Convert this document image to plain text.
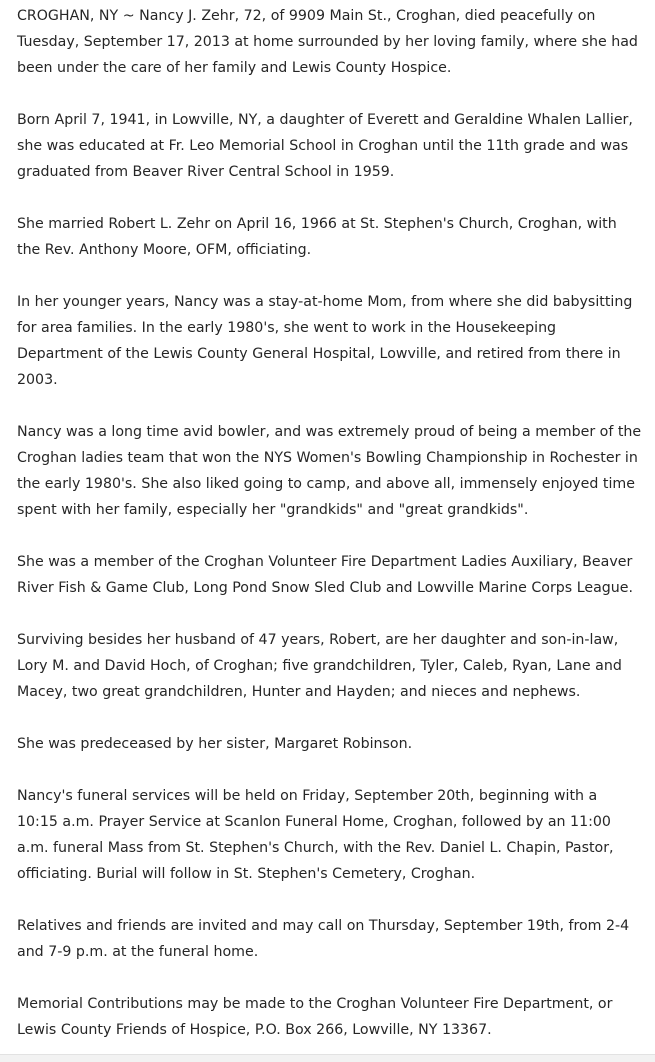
CROGHAN, NY ~ Nancy J. Zehr, 72, of 9909 Main St., Croghan, died peacefully on
Tuesday, September 17, 2013 at home surrounded by her loving family, where she had
been under the care of her family and Lewis County Hospice.

Born April 7, 1941, in Lowville, NY, a daughter of Everett and Geraldine Whalen Lallier,
she was educated at Fr. Leo Memorial School in Croghan until the 11th grade and was
graduated from Beaver River Central School in 1959.

She married Robert L. Zehr on April 16, 1966 at St. Stephen's Church, Croghan, with
the Rev. Anthony Moore, OFM, officiating.

In her younger years, Nancy was a stay-at-home Mom, from where she did babysitting
for area families. In the early 1980's, she went to work in the Housekeeping
Department of the Lewis County General Hospital, Lowville, and retired from there in
2003.

Nancy was a long time avid bowler, and was extremely proud of being a member of the
Croghan ladies team that won the NYS Women's Bowling Championship in Rochester in
the early 1980's. She also liked going to camp, and above all, immensely enjoyed time
spent with her family, especially her "grandkids" and "great grandkids".

She was a member of the Croghan Volunteer Fire Department Ladies Auxiliary, Beaver
River Fish & Game Club, Long Pond Snow Sled Club and Lowville Marine Corps League.

Surviving besides her husband of 47 years, Robert, are her daughter and son-in-law,
Lory M. and David Hoch, of Croghan; five grandchildren, Tyler, Caleb, Ryan, Lane and
Macey, two great grandchildren, Hunter and Hayden; and nieces and nephews.

She was predeceased by her sister, Margaret Robinson.

Nancy's funeral services will be held on Friday, September 20th, beginning with a
10:15 a.m. Prayer Service at Scanlon Funeral Home, Croghan, followed by an 11:00
a.m. funeral Mass from St. Stephen's Church, with the Rev. Daniel L. Chapin, Pastor,
officiating. Burial will follow in St. Stephen's Cemetery, Croghan.

Relatives and friends are invited and may call on Thursday, September 19th, from 2-4
and 7-9 p.m. at the funeral home.

Memorial Contributions may be made to the Croghan Volunteer Fire Department, or
Lewis County Friends of Hospice, P.O. Box 266, Lowville, NY 13367.
